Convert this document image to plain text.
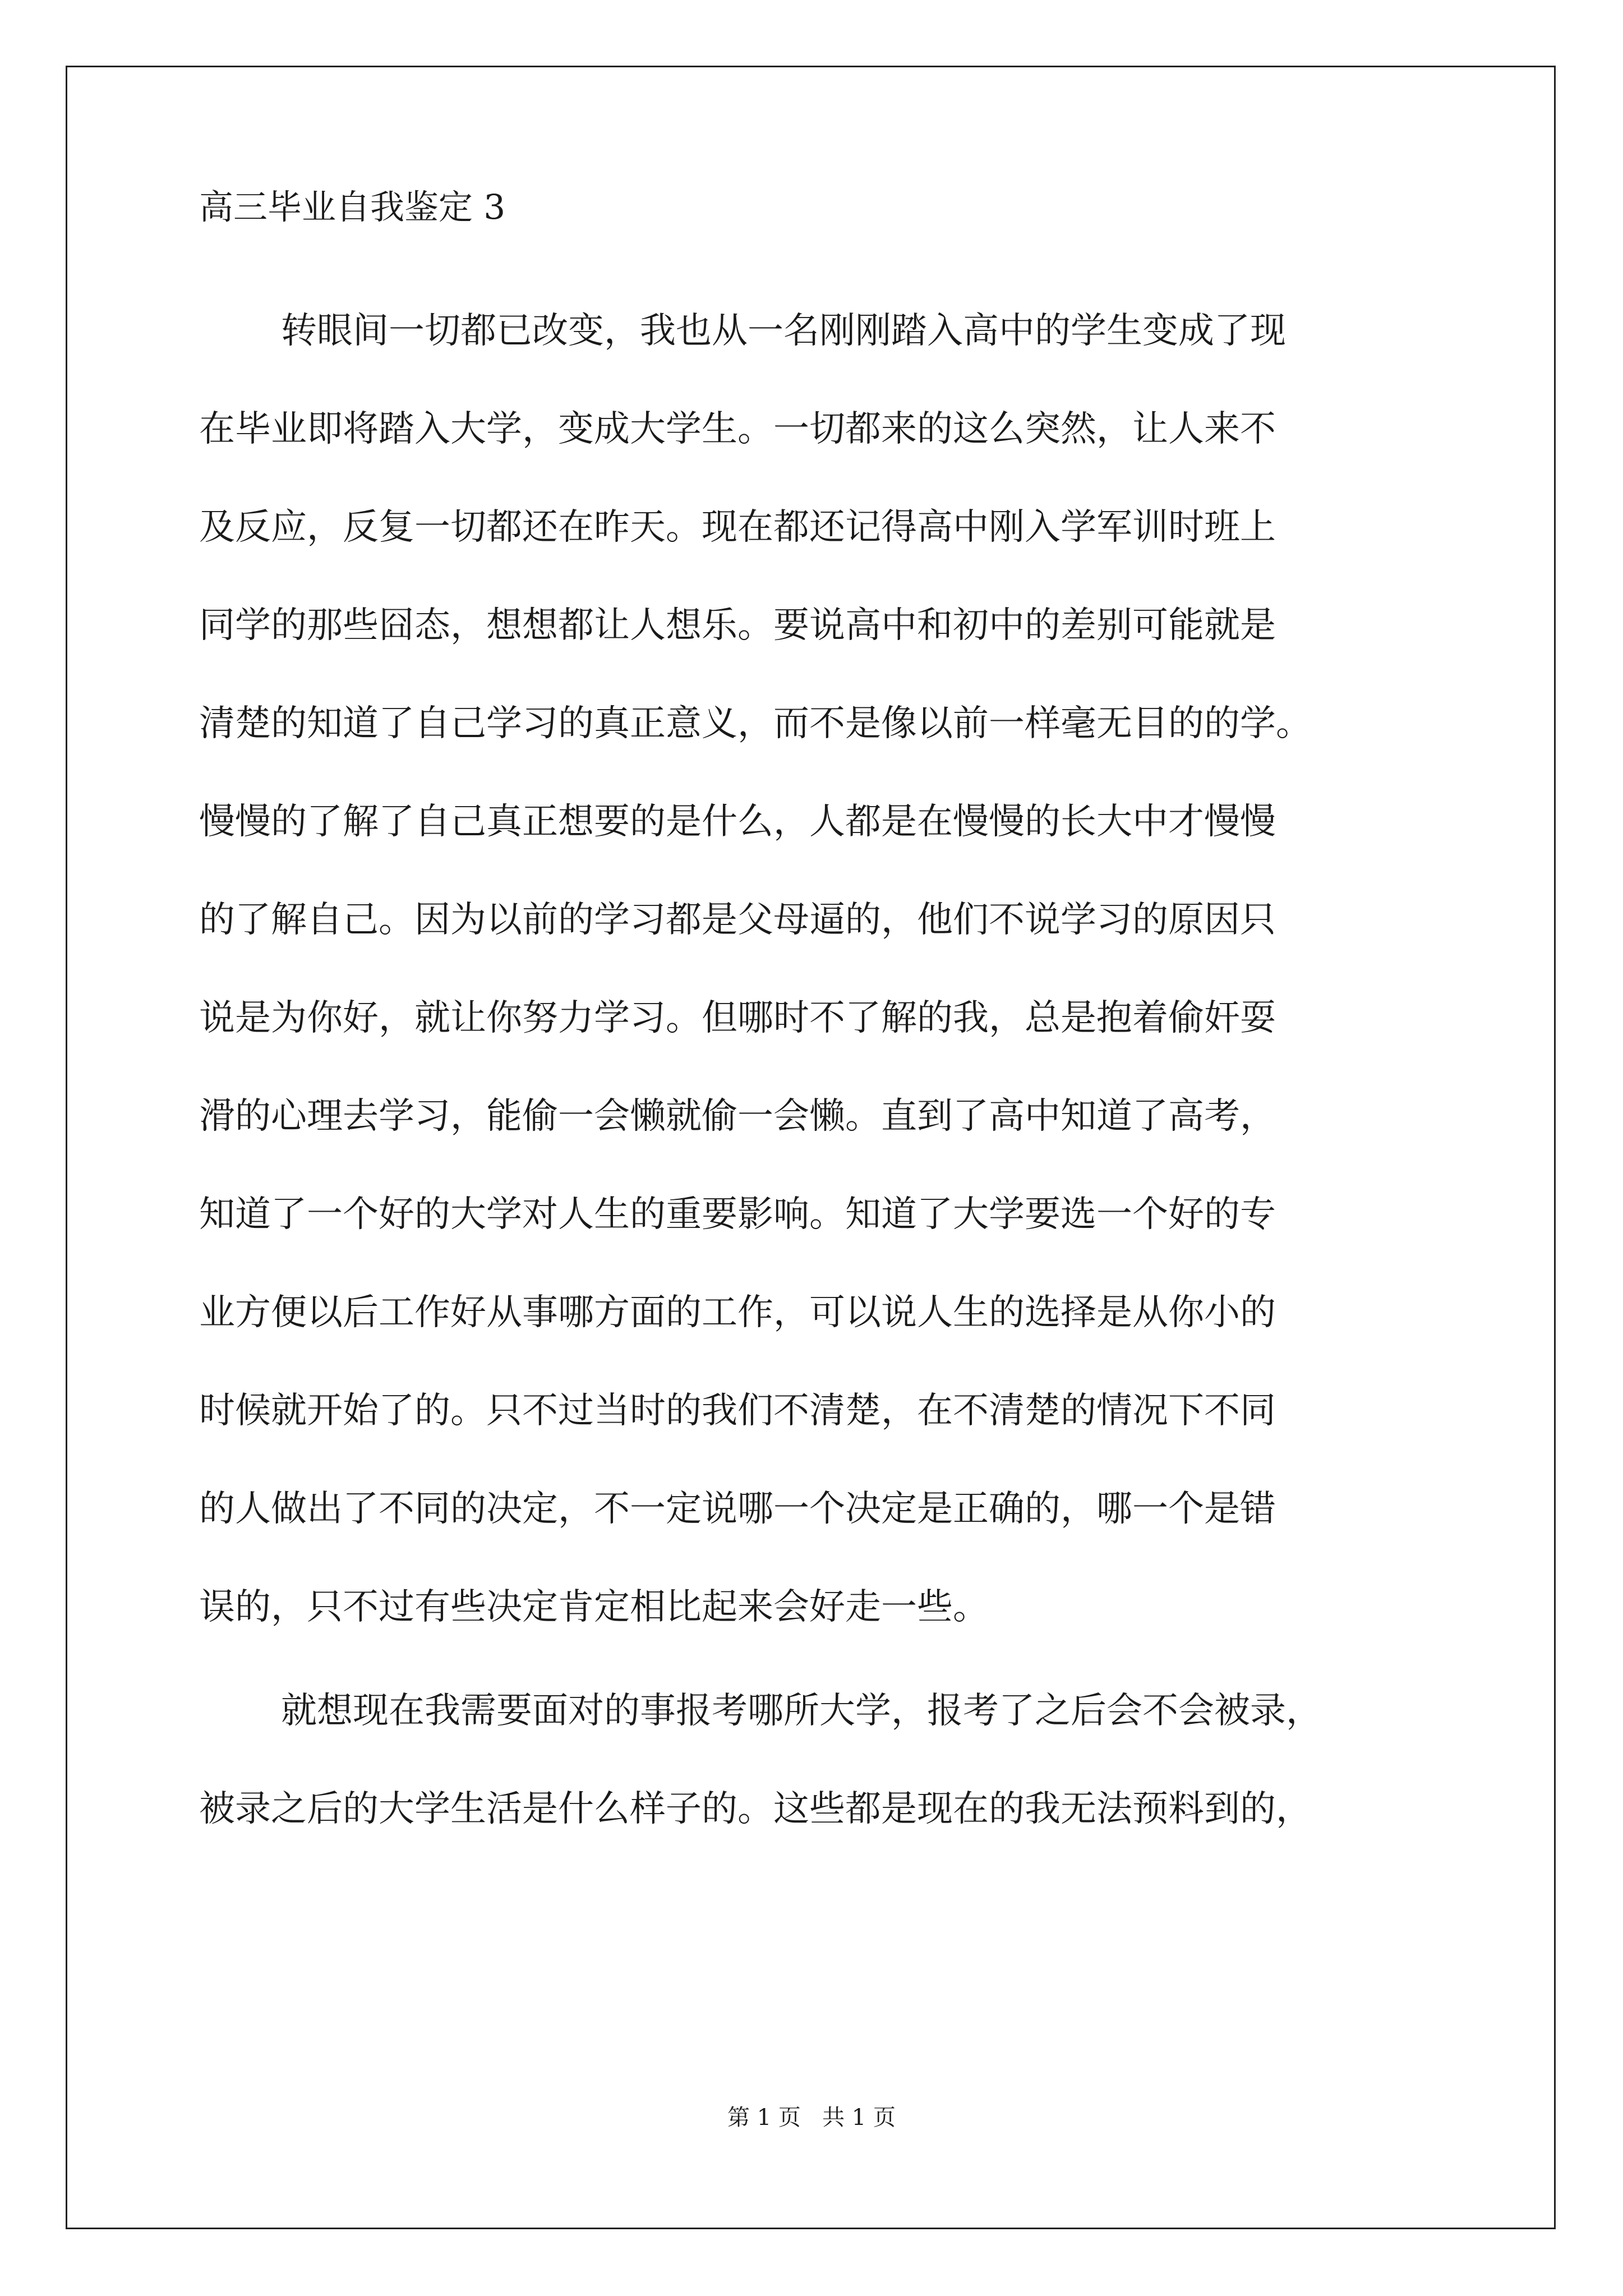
高三毕业自我鉴定 3

转眼间一切都已改变，我也从一名刚刚踏入高中的学生变成了现
在毕业即将踏入大学，变成大学生。一切都来的这么突然，让人来不
及反应，反复一切都还在昨天。现在都还记得高中刚入学军训时班上
同学的那些囧态，想想都让人想乐。要说高中和初中的差别可能就是
清楚的知道了自己学习的真正意义，而不是像以前一样毫无目的的学。
慢慢的了解了自己真正想要的是什么，人都是在慢慢的长大中才慢慢
的了解自己。因为以前的学习都是父母逼的，他们不说学习的原因只
说是为你好，就让你努力学习。但哪时不了解的我，总是抱着偷奸耍
滑的心理去学习，能偷一会懒就偷一会懒。直到了高中知道了高考，
知道了一个好的大学对人生的重要影响。知道了大学要选一个好的专
业方便以后工作好从事哪方面的工作，可以说人生的选择是从你小的
时候就开始了的。只不过当时的我们不清楚，在不清楚的情况下不同
的人做出了不同的决定，不一定说哪一个决定是正确的，哪一个是错
误的，只不过有些决定肯定相比起来会好走一些。

就想现在我需要面对的事报考哪所大学，报考了之后会不会被录，
被录之后的大学生活是什么样子的。这些都是现在的我无法预料到的，

第 1 页   共 1 页
